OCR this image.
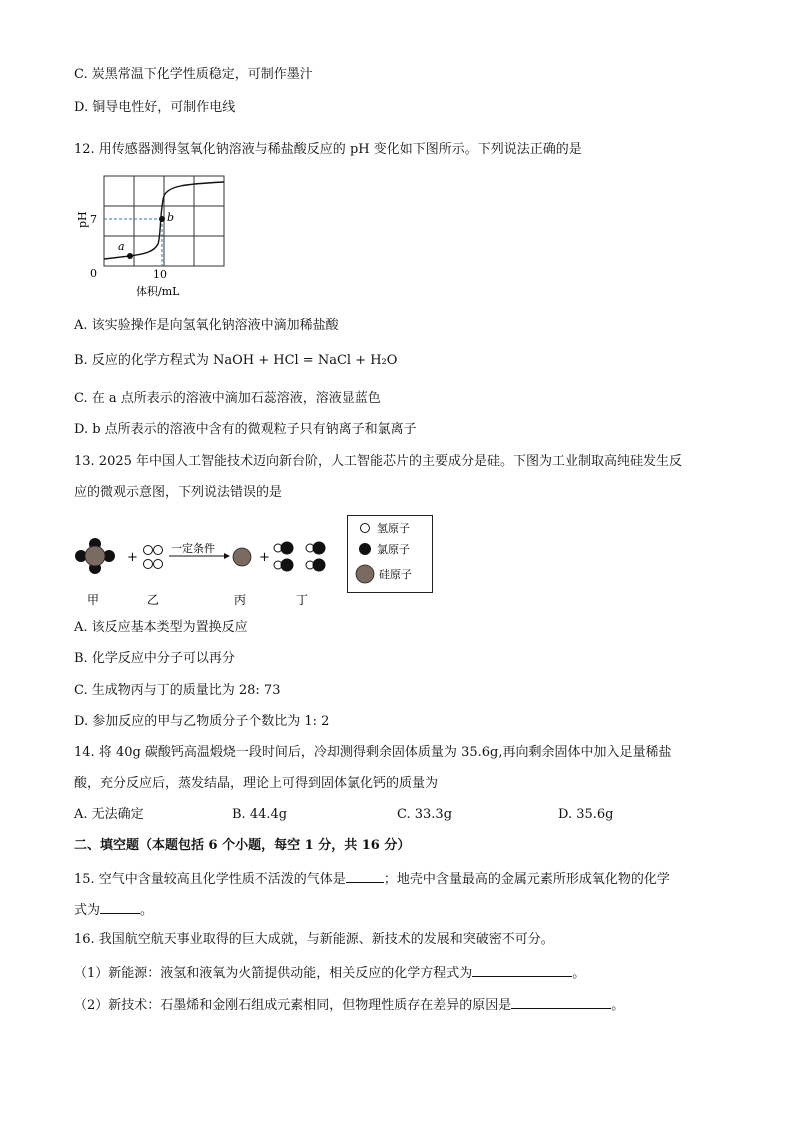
C. 炭黑常温下化学性质稳定，可制作墨汁
D. 铜导电性好，可制作电线
12. 用传感器测得氢氧化钠溶液与稀盐酸反应的 pH 变化如下图所示。下列说法正确的是
a
b
7
0	10
体积/mL
pH
A. 该实验操作是向氢氧化钠溶液中滴加稀盐酸
B. 反应的化学方程式为 NaOH + HCl = NaCl + H₂O
C. 在 a 点所表示的溶液中滴加石蕊溶液，溶液显蓝色
D. b 点所表示的溶液中含有的微观粒子只有钠离子和氯离子
13. 2025 年中国人工智能技术迈向新台阶，人工智能芯片的主要成分是硅。下图为工业制取高纯硅发生反
应的微观示意图，下列说法错误的是
+
一定条件
+
甲	乙	丙	丁
氢原子
氯原子
硅原子
A. 该反应基本类型为置换反应
B. 化学反应中分子可以再分
C. 生成物丙与丁的质量比为 28: 73
D. 参加反应的甲与乙物质分子个数比为 1: 2
14. 将 40g 碳酸钙高温煅烧一段时间后，冷却测得剩余固体质量为 35.6g,再向剩余固体中加入足量稀盐
酸，充分反应后，蒸发结晶，理论上可得到固体氯化钙的质量为
A. 无法确定	B. 44.4g	C. 33.3g	D. 35.6g
二、填空题（本题包括 6 个小题，每空 1 分，共 16 分）
15. 空气中含量较高且化学性质不活泼的气体是	；地壳中含量最高的金属元素所形成氧化物的化学
式为	。
16. 我国航空航天事业取得的巨大成就，与新能源、新技术的发展和突破密不可分。
（1）新能源：液氢和液氧为火箭提供动能，相关反应的化学方程式为	。
（2）新技术：石墨烯和金刚石组成元素相同，但物理性质存在差异的原因是	。
